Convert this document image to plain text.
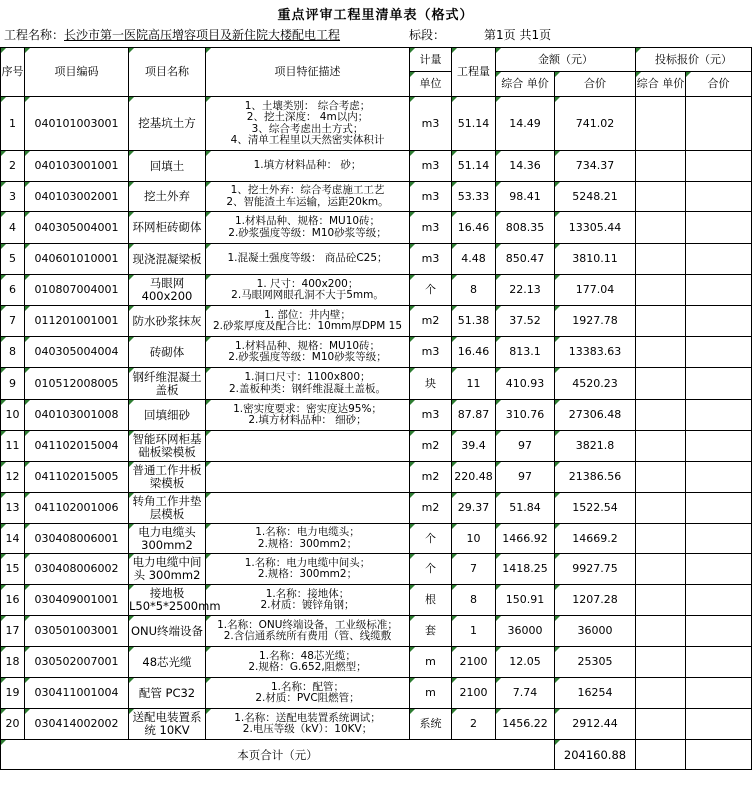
重点评审工程里清单表（格式）
工程名称：长沙市第一医院高压增容项目及新住院大楼配电工程	标段：	第1页 共1页
序号	项目编码	项目名称	项目特征描述	计量	工程量	金额（元）		投标报价（元）	
				单位		综合 单价	合价	综合 单价	合价
1	040101003001	挖基坑土方	1、土壤类别： 综合考虑；
2、挖土深度： 4m以内；
3、综合考虑出土方式；
4、清单工程里以天然密实体积计	m3	51.14	14.49	741.02		
2	040103001001	回填土	1.填方材料品种： 砂；	m3	51.14	14.36	734.37		
3	040103002001	挖土外弃	1、挖土外弃：综合考虑施工工艺
2、智能渣土车运输，运距20km。	m3	53.33	98.41	5248.21		
4	040305004001	环网柜砖砌体	1.材料品种、规格：MU10砖；
2.砂浆强度等级：M10砂浆等级；	m3	16.46	808.35	13305.44		
5	040601010001	现浇混凝梁板	1.混凝土强度等级： 商品砼C25；	m3	4.48	850.47	3810.11		
6	010807004001	马眼网
400x200	1. 尺寸：400x200；
2.马眼网网眼孔洞不大于5mm。	个	8	22.13	177.04		
7	011201001001	防水砂浆抹灰	1. 部位：井内壁；
2.砂浆厚度及配合比：10mm厚DPM 15	m2	51.38	37.52	1927.78		
8	040305004004	砖砌体	1.材料品种、规格：MU10砖；
2.砂浆强度等级：M10砂浆等级；	m3	16.46	813.1	13383.63		
9	010512008005	钢纤维混凝土
盖板	1.洞口尺寸：1100x800；
2.盖板种类：钢纤维混凝土盖板。	块	11	410.93	4520.23		
10	040103001008	回填细砂	1.密实度要求：密实度达95%；
2.填方材料品种： 细砂；	m3	87.87	310.76	27306.48		
11	041102015004	智能环网柜基
础板梁模板		m2	39.4	97	3821.8		
12	041102015005	普通工作井板
梁模板		m2	220.48	97	21386.56		
13	041102001006	转角工作井垫
层模板		m2	29.37	51.84	1522.54		
14	030408006001	电力电缆头
300mm2	1.名称：电力电缆头；
2.规格：300mm2；	个	10	1466.92	14669.2		
15	030408006002	电力电缆中间
头 300mm2	1.名称：电力电缆中间头；
2.规格：300mm2；	个	7	1418.25	9927.75		
16	030409001001	接地极
L50*5*2500mm	1.名称：接地体；
2.材质：镀锌角钢；	根	8	150.91	1207.28		
17	030501003001	ONU终端设备	1.名称：ONU终端设备，工业级标准；
2.含信通系统所有费用（管、线缆敷	套	1	36000	36000		
18	030502007001	48芯光缆	1.名称：48芯光缆；
2.规格：G.652,阻燃型；	m	2100	12.05	25305		
19	030411001004	配管 PC32	1.名称：配管；
2.材质：PVC阻燃管；	m	2100	7.74	16254		
20	030414002002	送配电装置系
统 10KV	1.名称：送配电装置系统调试；
2.电压等级（kV）：10KV；	系统	2	1456.22	2912.44		
本页合计（元）							204160.88		
